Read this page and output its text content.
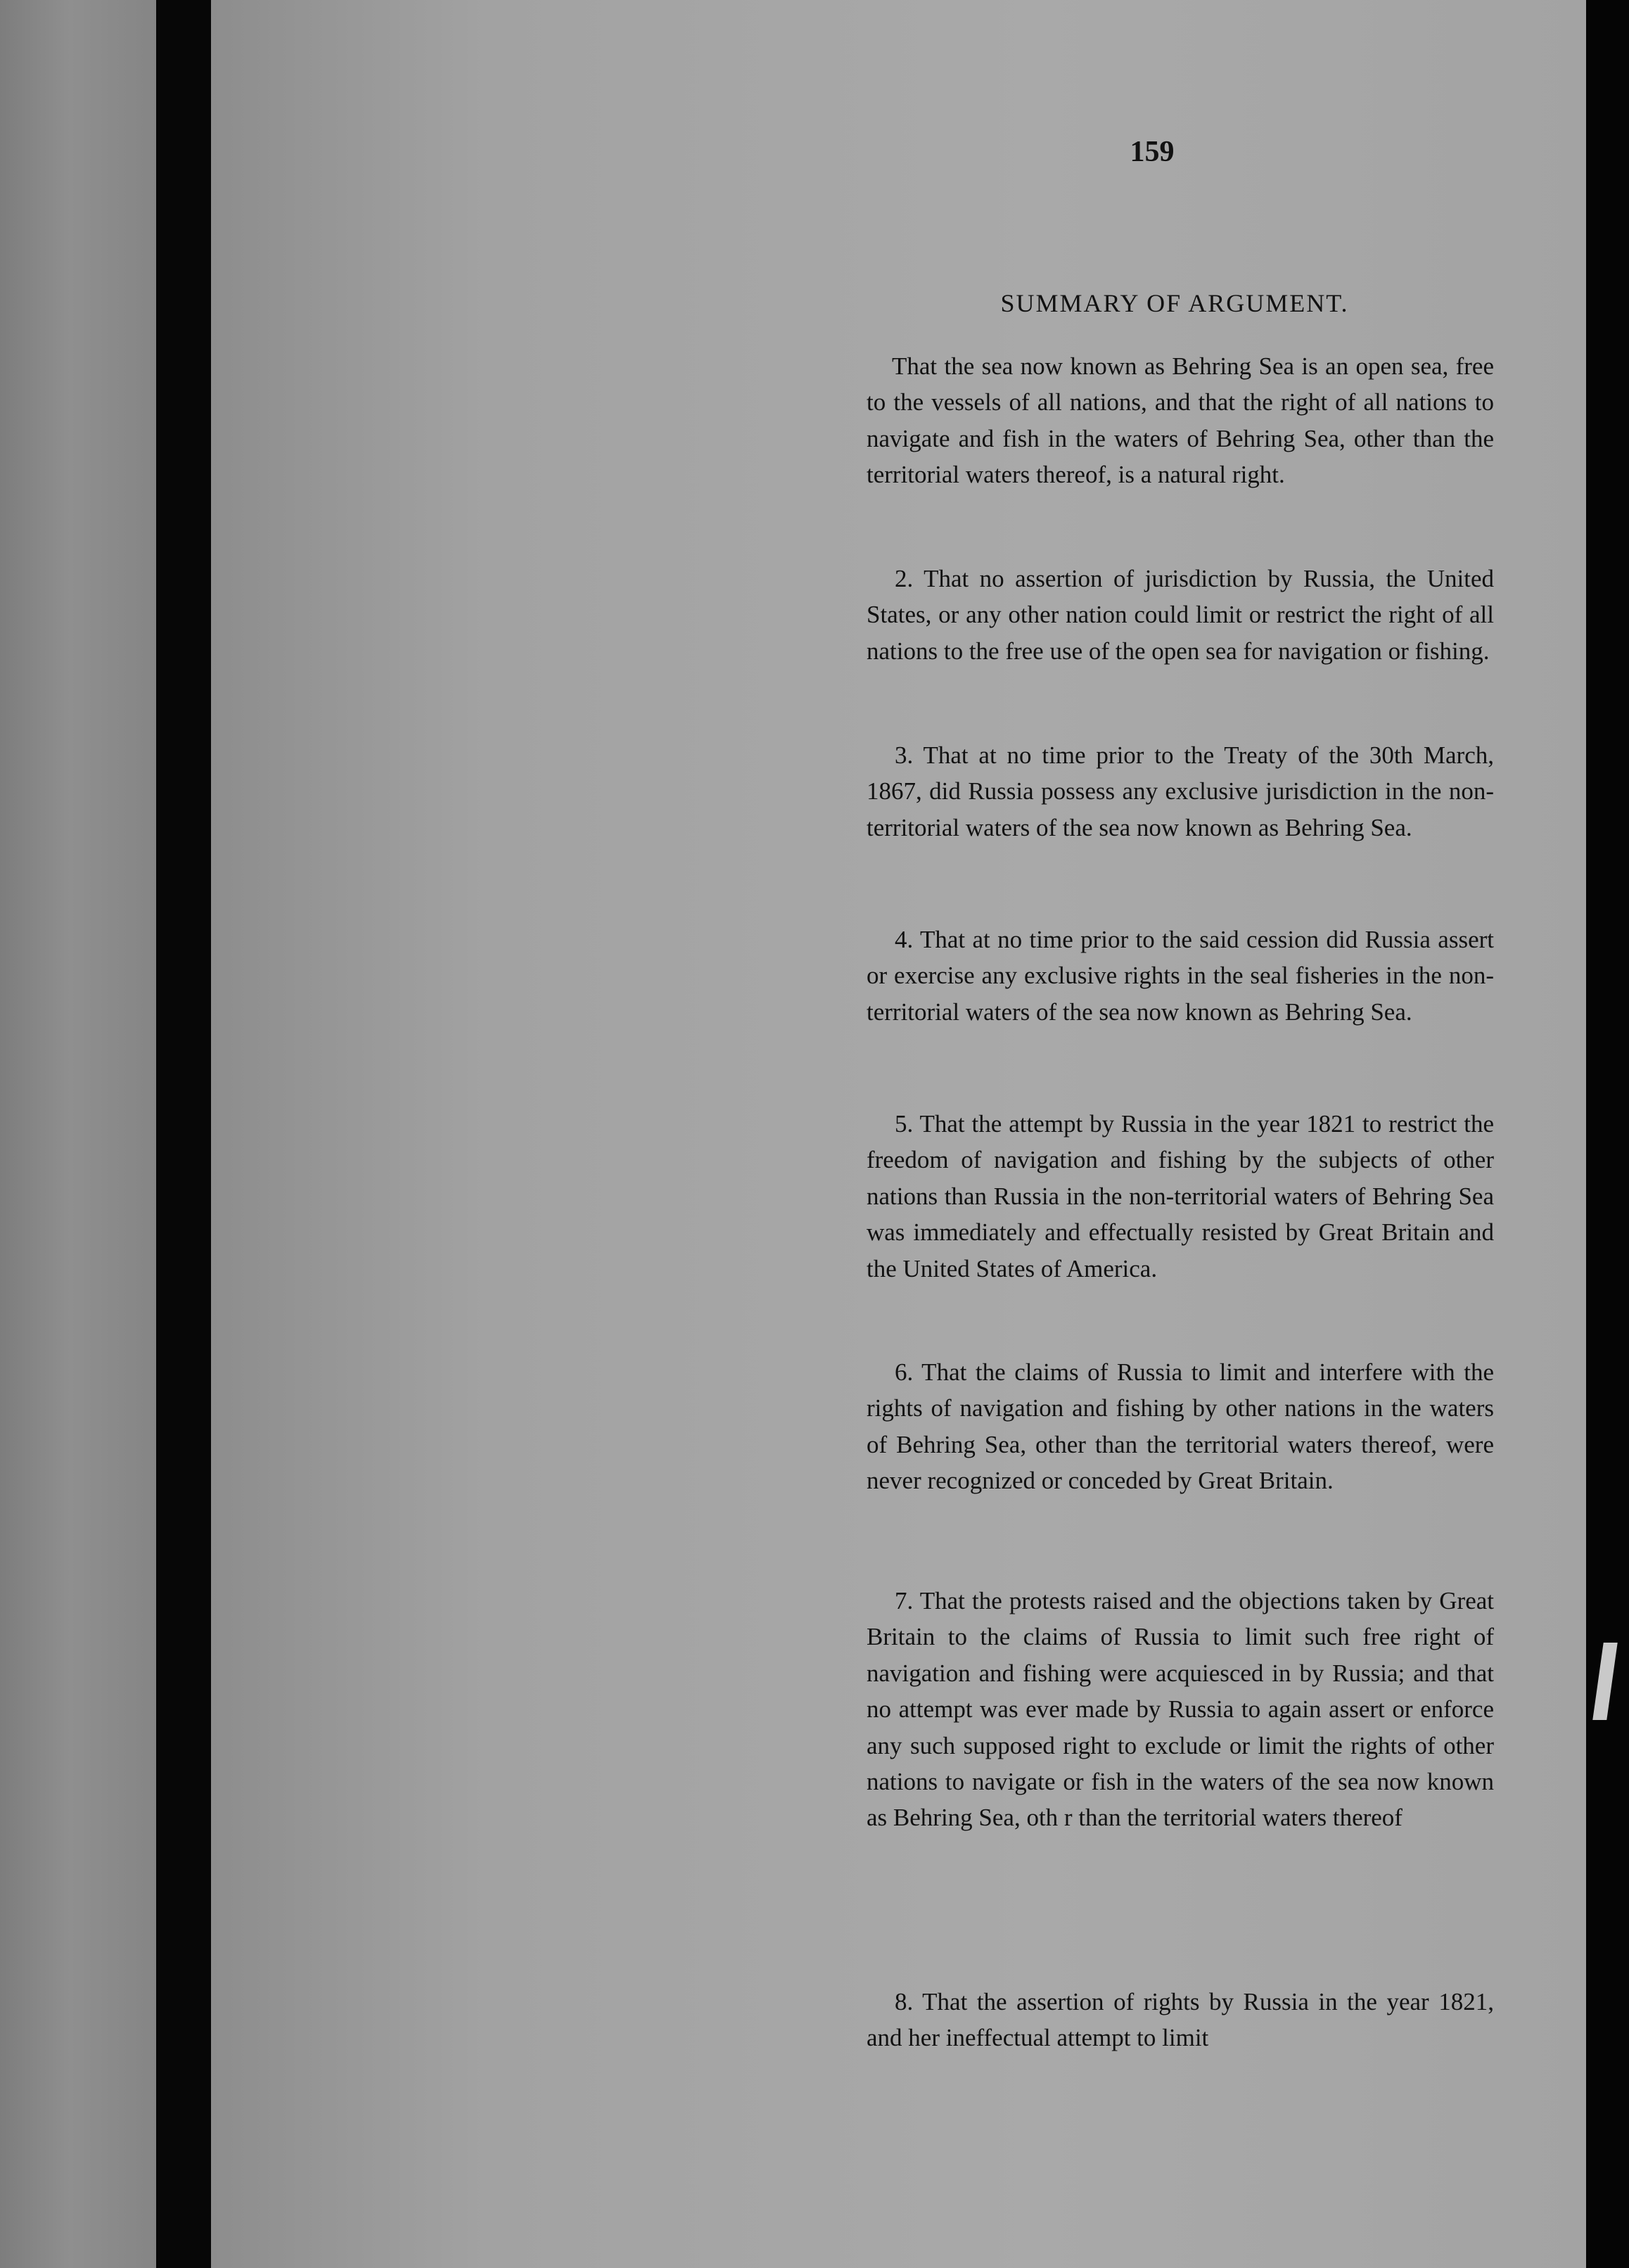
159
SUMMARY OF ARGUMENT.
That the sea now known as Behring Sea is an open sea, free to the vessels of all nations, and that the right of all nations to navigate and fish in the waters of Behring Sea, other than the territorial waters thereof, is a natural right.
2. That no assertion of jurisdiction by Russia, the United States, or any other nation could limit or restrict the right of all nations to the free use of the open sea for navigation or fishing.
3. That at no time prior to the Treaty of the 30th March, 1867, did Russia possess any exclusive jurisdiction in the non-territorial waters of the sea now known as Behring Sea.
4. That at no time prior to the said cession did Russia assert or exercise any exclusive rights in the seal fisheries in the non-territorial waters of the sea now known as Behring Sea.
5. That the attempt by Russia in the year 1821 to restrict the freedom of navigation and fishing by the subjects of other nations than Russia in the non-territorial waters of Behring Sea was immediately and effectually resisted by Great Britain and the United States of America.
6. That the claims of Russia to limit and interfere with the rights of navigation and fishing by other nations in the waters of Behring Sea, other than the territorial waters thereof, were never recognized or conceded by Great Britain.
7. That the protests raised and the objections taken by Great Britain to the claims of Russia to limit such free right of navigation and fishing were acquiesced in by Russia; and that no attempt was ever made by Russia to again assert or enforce any such supposed right to exclude or limit the rights of other nations to navigate or fish in the waters of the sea now known as Behring Sea, oth r than the territorial waters thereof
8. That the assertion of rights by Russia in the year 1821, and her ineffectual attempt to limit
